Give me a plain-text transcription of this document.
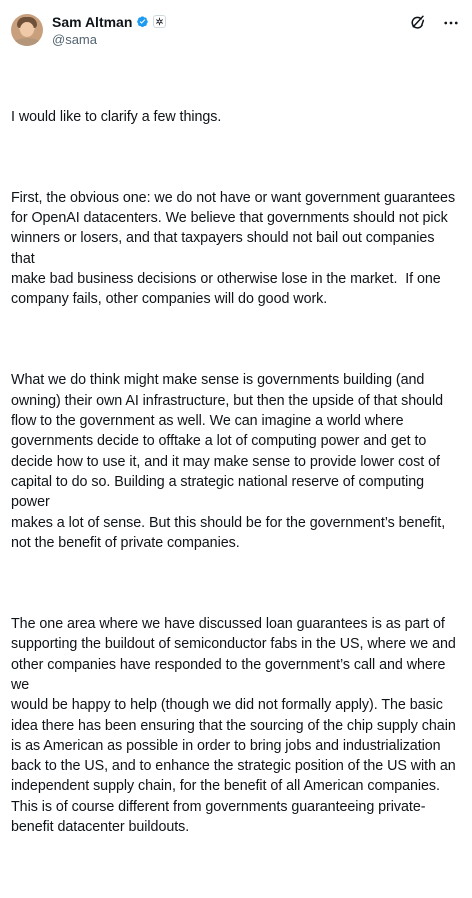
Sam Altman
@sama

I would like to clarify a few things.

First, the obvious one: we do not have or want government guarantees
for OpenAI datacenters. We believe that governments should not pick
winners or losers, and that taxpayers should not bail out companies that
make bad business decisions or otherwise lose in the market.  If one
company fails, other companies will do good work.

What we do think might make sense is governments building (and
owning) their own AI infrastructure, but then the upside of that should
flow to the government as well. We can imagine a world where
governments decide to offtake a lot of computing power and get to
decide how to use it, and it may make sense to provide lower cost of
capital to do so. Building a strategic national reserve of computing power
makes a lot of sense. But this should be for the government’s benefit,
not the benefit of private companies.

The one area where we have discussed loan guarantees is as part of
supporting the buildout of semiconductor fabs in the US, where we and
other companies have responded to the government’s call and where we
would be happy to help (though we did not formally apply). The basic
idea there has been ensuring that the sourcing of the chip supply chain
is as American as possible in order to bring jobs and industrialization
back to the US, and to enhance the strategic position of the US with an
independent supply chain, for the benefit of all American companies.
This is of course different from governments guaranteeing private-
benefit datacenter buildouts.
